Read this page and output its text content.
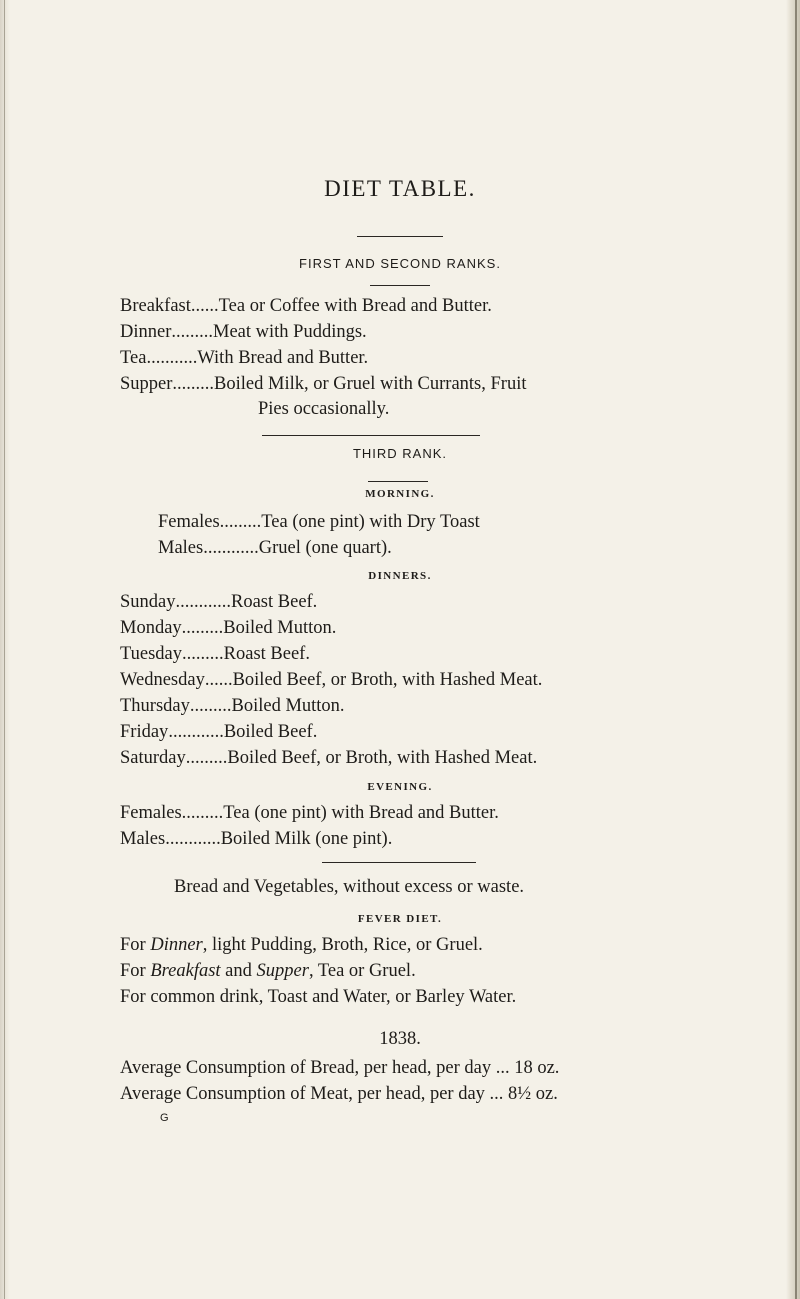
DIET TABLE.
FIRST AND SECOND RANKS.
Breakfast......Tea or Coffee with Bread and Butter.
Dinner.........Meat with Puddings.
Tea...........With Bread and Butter.
Supper.........Boiled Milk, or Gruel with Currants, Fruit
Pies occasionally.
THIRD RANK.
MORNING.
Females.........Tea (one pint) with Dry Toast
Males............Gruel (one quart).
DINNERS.
Sunday............Roast Beef.
Monday.........Boiled Mutton.
Tuesday.........Roast Beef.
Wednesday......Boiled Beef, or Broth, with Hashed Meat.
Thursday.........Boiled Mutton.
Friday............Boiled Beef.
Saturday.........Boiled Beef, or Broth, with Hashed Meat.
EVENING.
Females.........Tea (one pint) with Bread and Butter.
Males............Boiled Milk (one pint).
Bread and Vegetables, without excess or waste.
FEVER DIET.
For Dinner, light Pudding, Broth, Rice, or Gruel.
For Breakfast and Supper, Tea or Gruel.
For common drink, Toast and Water, or Barley Water.
1838.
Average Consumption of Bread, per head, per day ... 18 oz.
Average Consumption of Meat, per head, per day ... 8½ oz.
G
